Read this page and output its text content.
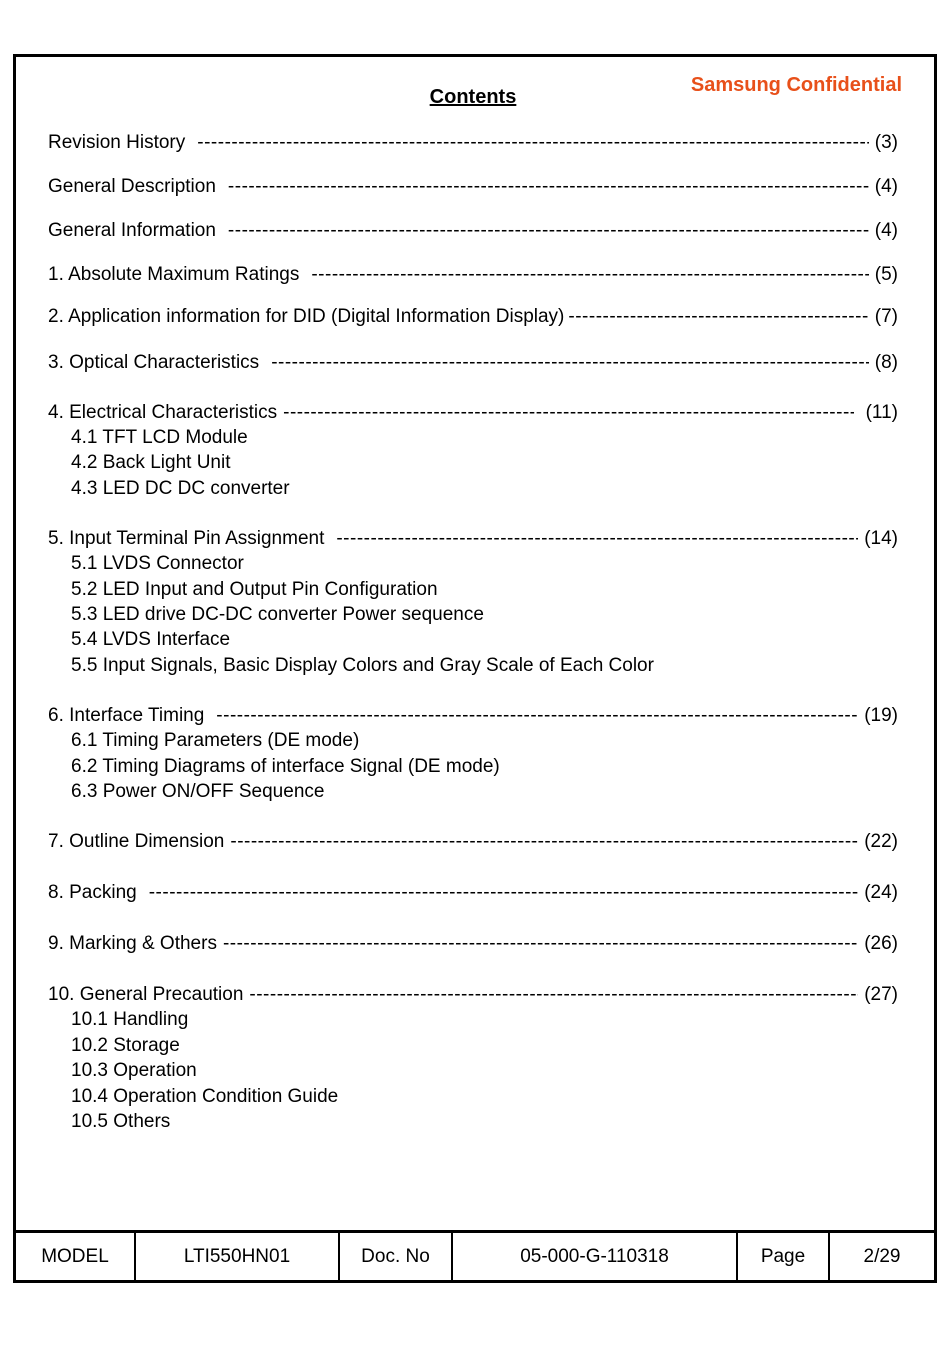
Contents
Samsung Confidential
Revision History -----	(3)
General Description -----	(4)
General Information -----	(4)
1. Absolute Maximum Ratings -----	(5)
2. Application information for DID (Digital Information Display) -----	(7)
3. Optical Characteristics -----	(8)
4. Electrical Characteristics -----	(11)
4.1 TFT LCD Module
4.2 Back Light Unit
4.3 LED DC DC converter
5. Input Terminal Pin Assignment -----	(14)
5.1 LVDS Connector
5.2 LED Input and Output Pin Configuration
5.3 LED drive DC-DC converter Power sequence
5.4 LVDS Interface
5.5 Input Signals, Basic Display Colors and Gray Scale of Each Color
6. Interface Timing -----	(19)
6.1 Timing Parameters (DE mode)
6.2 Timing Diagrams of interface Signal (DE mode)
6.3 Power ON/OFF Sequence
7. Outline Dimension -----	(22)
8. Packing -----	(24)
9. Marking & Others -----	(26)
10. General Precaution -----	(27)
10.1 Handling
10.2 Storage
10.3 Operation
10.4 Operation Condition Guide
10.5 Others
MODEL	LTI550HN01	Doc. No	05-000-G-110318	Page	2/29
